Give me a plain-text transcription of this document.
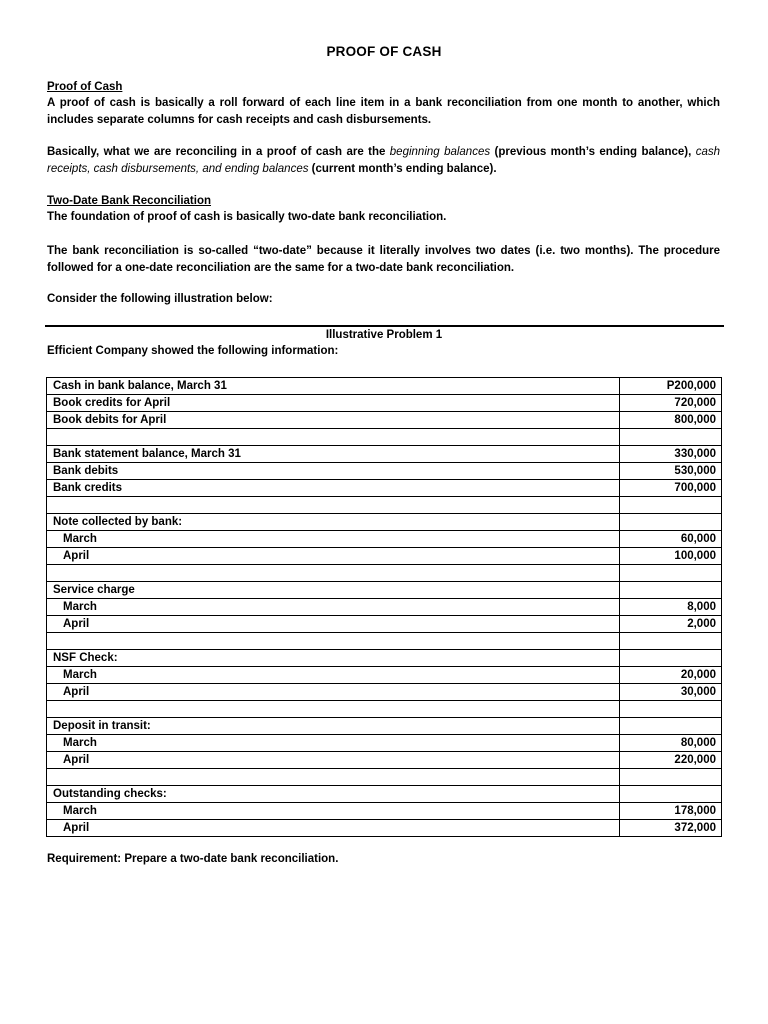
PROOF OF CASH
Proof of Cash
A proof of cash is basically a roll forward of each line item in a bank reconciliation from one month to another, which includes separate columns for cash receipts and cash disbursements.
Basically, what we are reconciling in a proof of cash are the beginning balances (previous month’s ending balance), cash receipts, cash disbursements, and ending balances (current month’s ending balance).
Two-Date Bank Reconciliation
The foundation of proof of cash is basically two-date bank reconciliation.
The bank reconciliation is so-called “two-date” because it literally involves two dates (i.e. two months). The procedure followed for a one-date reconciliation are the same for a two-date bank reconciliation.
Consider the following illustration below:
Illustrative Problem 1
Efficient Company showed the following information:
Cash in bank balance, March 31	P200,000
Book credits for April	720,000
Book debits for April	800,000

Bank statement balance, March 31	330,000
Bank debits	530,000
Bank credits	700,000

Note collected by bank:	
March	60,000
April	100,000

Service charge	
March	8,000
April	2,000

NSF Check:	
March	20,000
April	30,000

Deposit in transit:	
March	80,000
April	220,000

Outstanding checks:	
March	178,000
April	372,000
Requirement: Prepare a two-date bank reconciliation.
